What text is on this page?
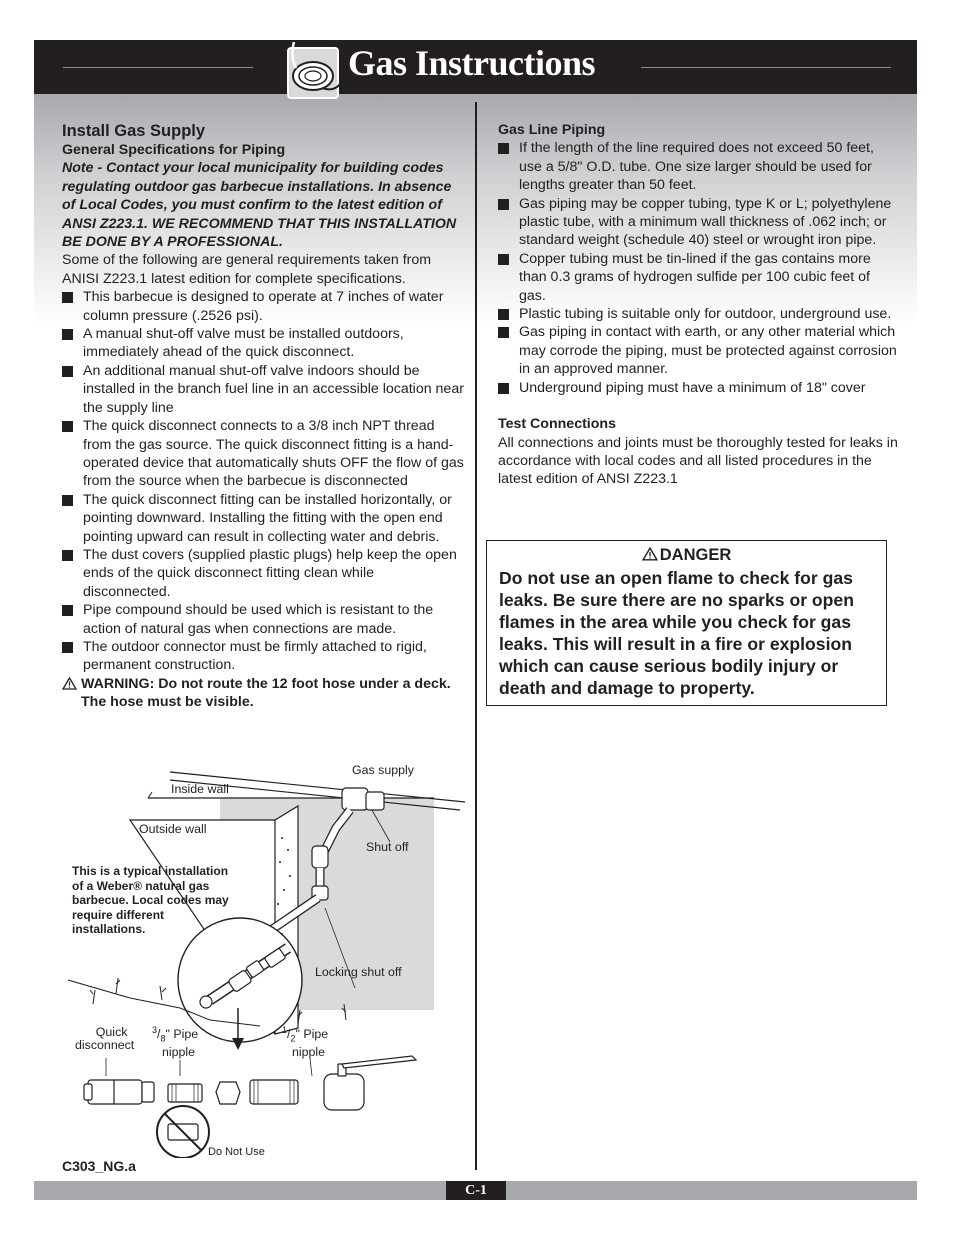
Gas Instructions
Install Gas Supply
General Specifications for Piping

Note - Contact your local municipality for building codes regulating outdoor gas barbecue installations. In absence of Local Codes, you must confirm to the latest edition of ANSI Z223.1. WE RECOMMEND THAT THIS INSTALLATION BE DONE BY A PROFESSIONAL.

Some of the following are general requirements taken from ANISI Z223.1 latest edition for complete specifications.

This barbecue is designed to operate at 7 inches of water column pressure (.2526 psi).
A manual shut-off valve must be installed outdoors, immediately ahead of the quick disconnect.
An additional manual shut-off valve indoors should be installed in the branch fuel line in an accessible location near the supply line
The quick disconnect connects to a 3/8 inch NPT thread from the gas source. The quick disconnect fitting is a hand-operated device that automatically shuts OFF the flow of gas from the source when the barbecue is disconnected
The quick disconnect fitting can be installed horizontally, or pointing downward. Installing the fitting with the open end pointing upward can result in collecting water and debris.
The dust covers (supplied plastic plugs) help keep the open ends of the quick disconnect fitting clean while disconnected.
Pipe compound should be used which is resistant to the action of natural gas when connections are made.
The outdoor connector must be firmly attached to rigid, permanent construction.
WARNING: Do not route the 12 foot hose under a deck. The hose must be visible.
Gas Line Piping
If the length of the line required does not exceed 50 feet, use a 5/8" O.D. tube. One size larger should be used for lengths greater than 50 feet.
Gas piping may be copper tubing, type K or L; polyethylene plastic tube, with a minimum wall thickness of .062 inch; or standard weight (schedule 40) steel or wrought iron pipe.
Copper tubing must be tin-lined if the gas contains more than 0.3 grams of hydrogen sulfide per 100 cubic feet of gas.
Plastic tubing is suitable only for outdoor, underground use.
Gas piping in contact with earth, or any other material which may corrode the piping, must be protected against corrosion in an approved manner.
Underground piping must have a minimum of 18" cover
Test Connections

All connections and joints must be thoroughly tested for leaks in accordance with local codes and all listed procedures in the latest edition of ANSI Z223.1

DANGER
Do not use an open flame to check for gas leaks. Be sure there are no sparks or open flames in the area while you check for gas leaks. This will result in a fire or explosion which can cause serious bodily injury or death and damage to property.
Gas supply
Inside wall
Outside wall
Shut off
Locking shut off
Quick
disconnect
$^3/_8$" Pipe
nipple
$^1/_2$" Pipe
nipple
Do Not Use
This is a typical installation
of a Weber® natural gas
barbecue. Local codes may
require different
installations.
C303_NG.a
C-1
